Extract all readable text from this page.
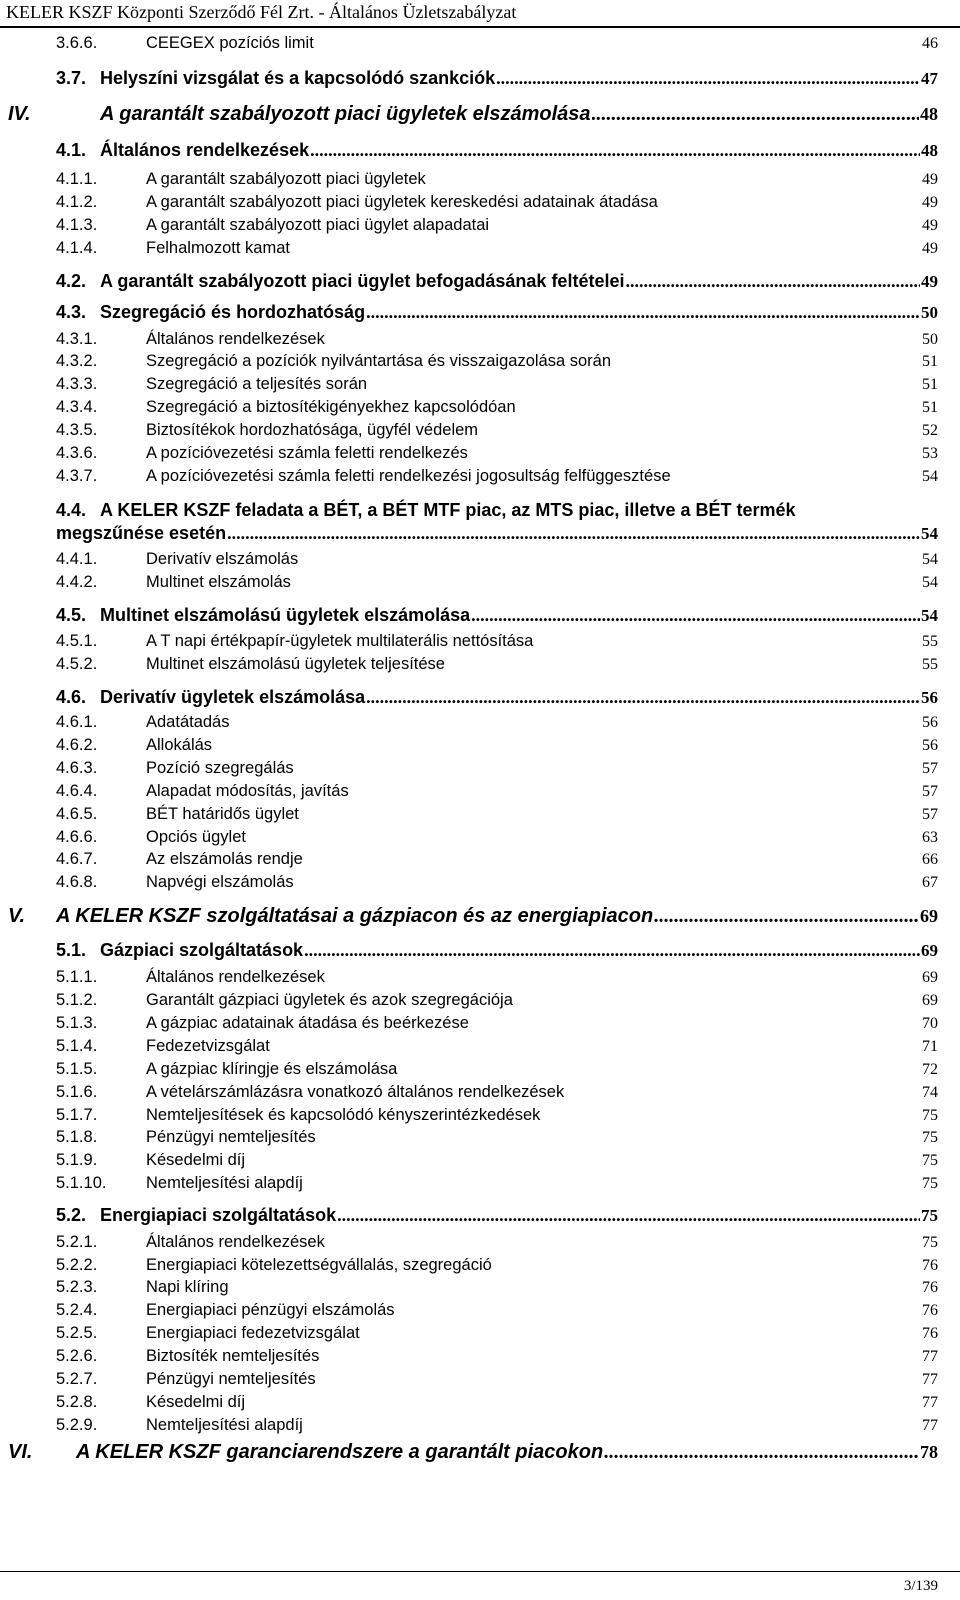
KELER KSZF Központi Szerződő Fél Zrt. - Általános Üzletszabályzat
3.6.6.	CEEGEX pozíciós limit	46
3.7. Helyszíni vizsgálat és a kapcsolódó szankciók .....	47
IV.	A garantált szabályozott piaci ügyletek elszámolása .....	48
4.1. Általános rendelkezések .....	48
4.1.1.	A garantált szabályozott piaci ügyletek	49
4.1.2.	A garantált szabályozott piaci ügyletek kereskedési adatainak átadása	49
4.1.3.	A garantált szabályozott piaci ügylet alapadatai	49
4.1.4.	Felhalmozott kamat	49
4.2. A garantált szabályozott piaci ügylet befogadásának feltételei .....	49
4.3. Szegregáció és hordozhatóság .....	50
4.3.1.	Általános rendelkezések	50
4.3.2.	Szegregáció a pozíciók nyilvántartása és visszaigazolása során	51
4.3.3.	Szegregáció a teljesítés során	51
4.3.4.	Szegregáció a biztosítékigényekhez kapcsolódóan	51
4.3.5.	Biztosítékok hordozhatósága, ügyfél védelem	52
4.3.6.	A pozícióvezetési számla feletti rendelkezés	53
4.3.7.	A pozícióvezetési számla feletti rendelkezési jogosultság felfüggesztése	54
4.4. A KELER KSZF feladata a BÉT, a BÉT MTF piac, az MTS piac, illetve a BÉT termék
megszűnése esetén .....	54
4.4.1.	Derivatív elszámolás	54
4.4.2.	Multinet elszámolás	54
4.5. Multinet elszámolású ügyletek elszámolása .....	54
4.5.1.	A T napi értékpapír-ügyletek multilaterális nettósítása	55
4.5.2.	Multinet elszámolású ügyletek teljesítése	55
4.6. Derivatív ügyletek elszámolása .....	56
4.6.1.	Adatátadás	56
4.6.2.	Allokálás	56
4.6.3.	Pozíció szegregálás	57
4.6.4.	Alapadat módosítás, javítás	57
4.6.5.	BÉT határidős ügylet	57
4.6.6.	Opciós ügylet	63
4.6.7.	Az elszámolás rendje	66
4.6.8.	Napvégi elszámolás	67
V.	A KELER KSZF szolgáltatásai a gázpiacon és az energiapiacon .....	69
5.1. Gázpiaci szolgáltatások .....	69
5.1.1.	Általános rendelkezések	69
5.1.2.	Garantált gázpiaci ügyletek és azok szegregációja	69
5.1.3.	A gázpiac adatainak átadása és beérkezése	70
5.1.4.	Fedezetvizsgálat	71
5.1.5.	A gázpiac klíringje és elszámolása	72
5.1.6.	A vételárszámlázásra vonatkozó általános rendelkezések	74
5.1.7.	Nemteljesítések és kapcsolódó kényszerintézkedések	75
5.1.8.	Pénzügyi nemteljesítés	75
5.1.9.	Késedelmi díj	75
5.1.10.	Nemteljesítési alapdíj	75
5.2. Energiapiaci szolgáltatások .....	75
5.2.1.	Általános rendelkezések	75
5.2.2.	Energiapiaci kötelezettségvállalás, szegregáció	76
5.2.3.	Napi klíring	76
5.2.4.	Energiapiaci pénzügyi elszámolás	76
5.2.5.	Energiapiaci fedezetvizsgálat	76
5.2.6.	Biztosíték nemteljesítés	77
5.2.7.	Pénzügyi nemteljesítés	77
5.2.8.	Késedelmi díj	77
5.2.9.	Nemteljesítési alapdíj	77
VI.	A KELER KSZF garanciarendszere a garantált piacokon .....	78
3/139
